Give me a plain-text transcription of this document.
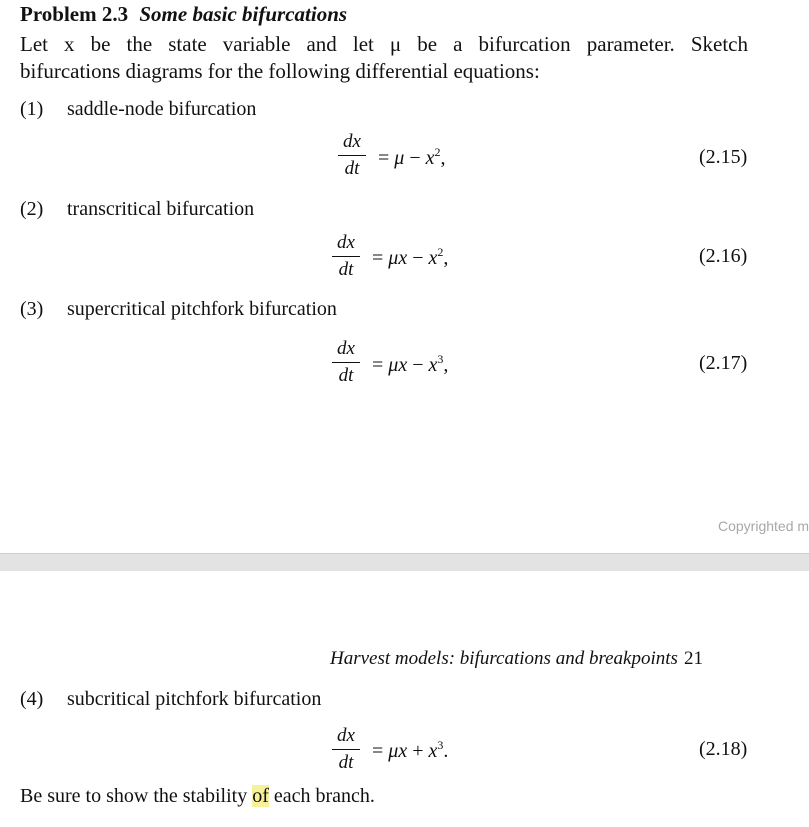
Problem 2.3 Some basic bifurcations
Let x be the state variable and let μ be a bifurcation parameter. Sketch
bifurcations diagrams for the following differential equations:
(1) saddle-node bifurcation
dx
dt = $\mu - x^2$,	(2.15)
(2) transcritical bifurcation
dx
dt
= $\mu x - x^2$,	(2.16)
(3) supercritical pitchfork bifurcation
dx
dt = $\mu x - x^3$,	(2.17)
Copyrighted m
Harvest models: bifurcations and breakpoints 21
(4) subcritical pitchfork bifurcation
dx
dt
= $\mu x + x^3$.	(2.18)
Be sure to show the stability of each branch.
